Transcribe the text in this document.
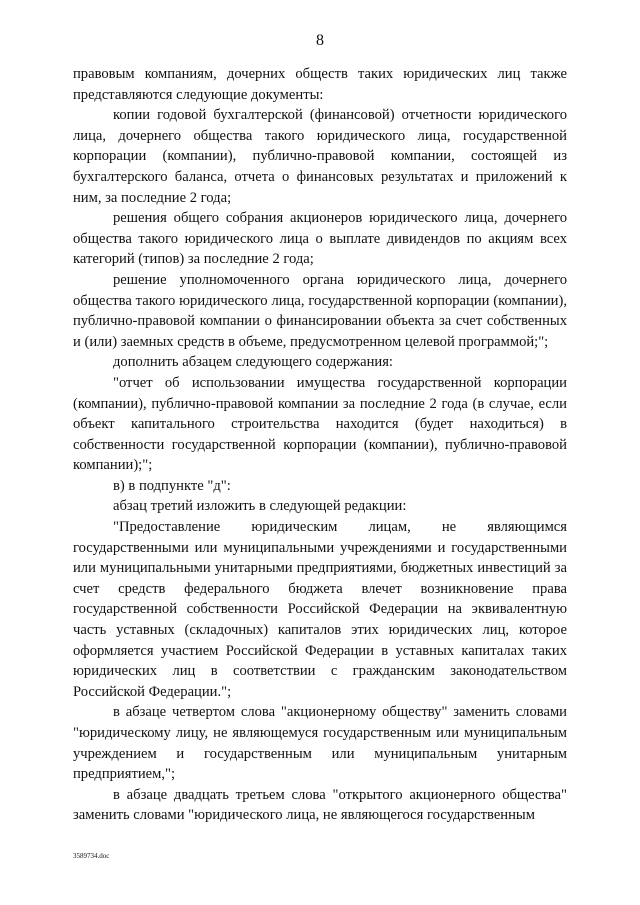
8

правовым компаниям, дочерних обществ таких юридических лиц также представляются следующие документы:

копии годовой бухгалтерской (финансовой) отчетности юридического лица, дочернего общества такого юридического лица, государственной корпорации (компании), публично-правовой компании, состоящей из бухгалтерского баланса, отчета о финансовых результатах и приложений к ним, за последние 2 года;

решения общего собрания акционеров юридического лица, дочернего общества такого юридического лица о выплате дивидендов по акциям всех категорий (типов) за последние 2 года;

решение уполномоченного органа юридического лица, дочернего общества такого юридического лица, государственной корпорации (компании), публично-правовой компании о финансировании объекта за счет собственных и (или) заемных средств в объеме, предусмотренном целевой программой;";

дополнить абзацем следующего содержания:

"отчет об использовании имущества государственной корпорации (компании), публично-правовой компании за последние 2 года (в случае, если объект капитального строительства находится (будет находиться) в собственности государственной корпорации (компании), публично-правовой компании);";

в) в подпункте "д":

абзац третий изложить в следующей редакции:

"Предоставление юридическим лицам, не являющимся государственными или муниципальными учреждениями и государственными или муниципальными унитарными предприятиями, бюджетных инвестиций за счет средств федерального бюджета влечет возникновение права государственной собственности Российской Федерации на эквивалентную часть уставных (складочных) капиталов этих юридических лиц, которое оформляется участием Российской Федерации в уставных капиталах таких юридических лиц в соответствии с гражданским законодательством Российской Федерации.";

в абзаце четвертом слова "акционерному обществу" заменить словами "юридическому лицу, не являющемуся государственным или муниципальным учреждением и государственным или муниципальным унитарным предприятием,";

в абзаце двадцать третьем слова "открытого акционерного общества" заменить словами "юридического лица, не являющегося государственным

3589734.doc
